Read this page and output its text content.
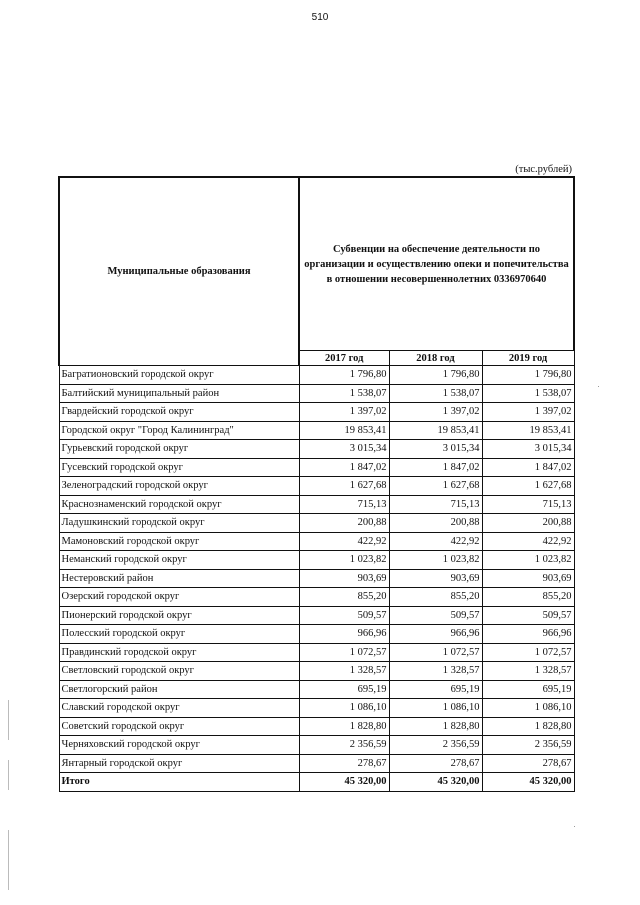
510
(тыс.рублей)
Муниципальные образования	Субвенции на обеспечение деятельности по организации и осуществлению опеки и попечительства в отношении несовершеннолетних 0336970640		
	2017 год	2018 год	2019 год
Багратионовский городской округ	1 796,80	1 796,80	1 796,80
Балтийский муниципальный район	1 538,07	1 538,07	1 538,07
Гвардейский городской округ	1 397,02	1 397,02	1 397,02
Городской округ "Город Калининград"	19 853,41	19 853,41	19 853,41
Гурьевский городской округ	3 015,34	3 015,34	3 015,34
Гусевский городской округ	1 847,02	1 847,02	1 847,02
Зеленоградский городской округ	1 627,68	1 627,68	1 627,68
Краснознаменский городской округ	715,13	715,13	715,13
Ладушкинский городской округ	200,88	200,88	200,88
Мамоновский городской округ	422,92	422,92	422,92
Неманский городской округ	1 023,82	1 023,82	1 023,82
Нестеровский район	903,69	903,69	903,69
Озерский городской округ	855,20	855,20	855,20
Пионерский городской округ	509,57	509,57	509,57
Полесский городской округ	966,96	966,96	966,96
Правдинский городской округ	1 072,57	1 072,57	1 072,57
Светловский городской округ	1 328,57	1 328,57	1 328,57
Светлогорский район	695,19	695,19	695,19
Славский городской округ	1 086,10	1 086,10	1 086,10
Советский городской округ	1 828,80	1 828,80	1 828,80
Черняховский городской округ	2 356,59	2 356,59	2 356,59
Янтарный городской округ	278,67	278,67	278,67
Итого	45 320,00	45 320,00	45 320,00
